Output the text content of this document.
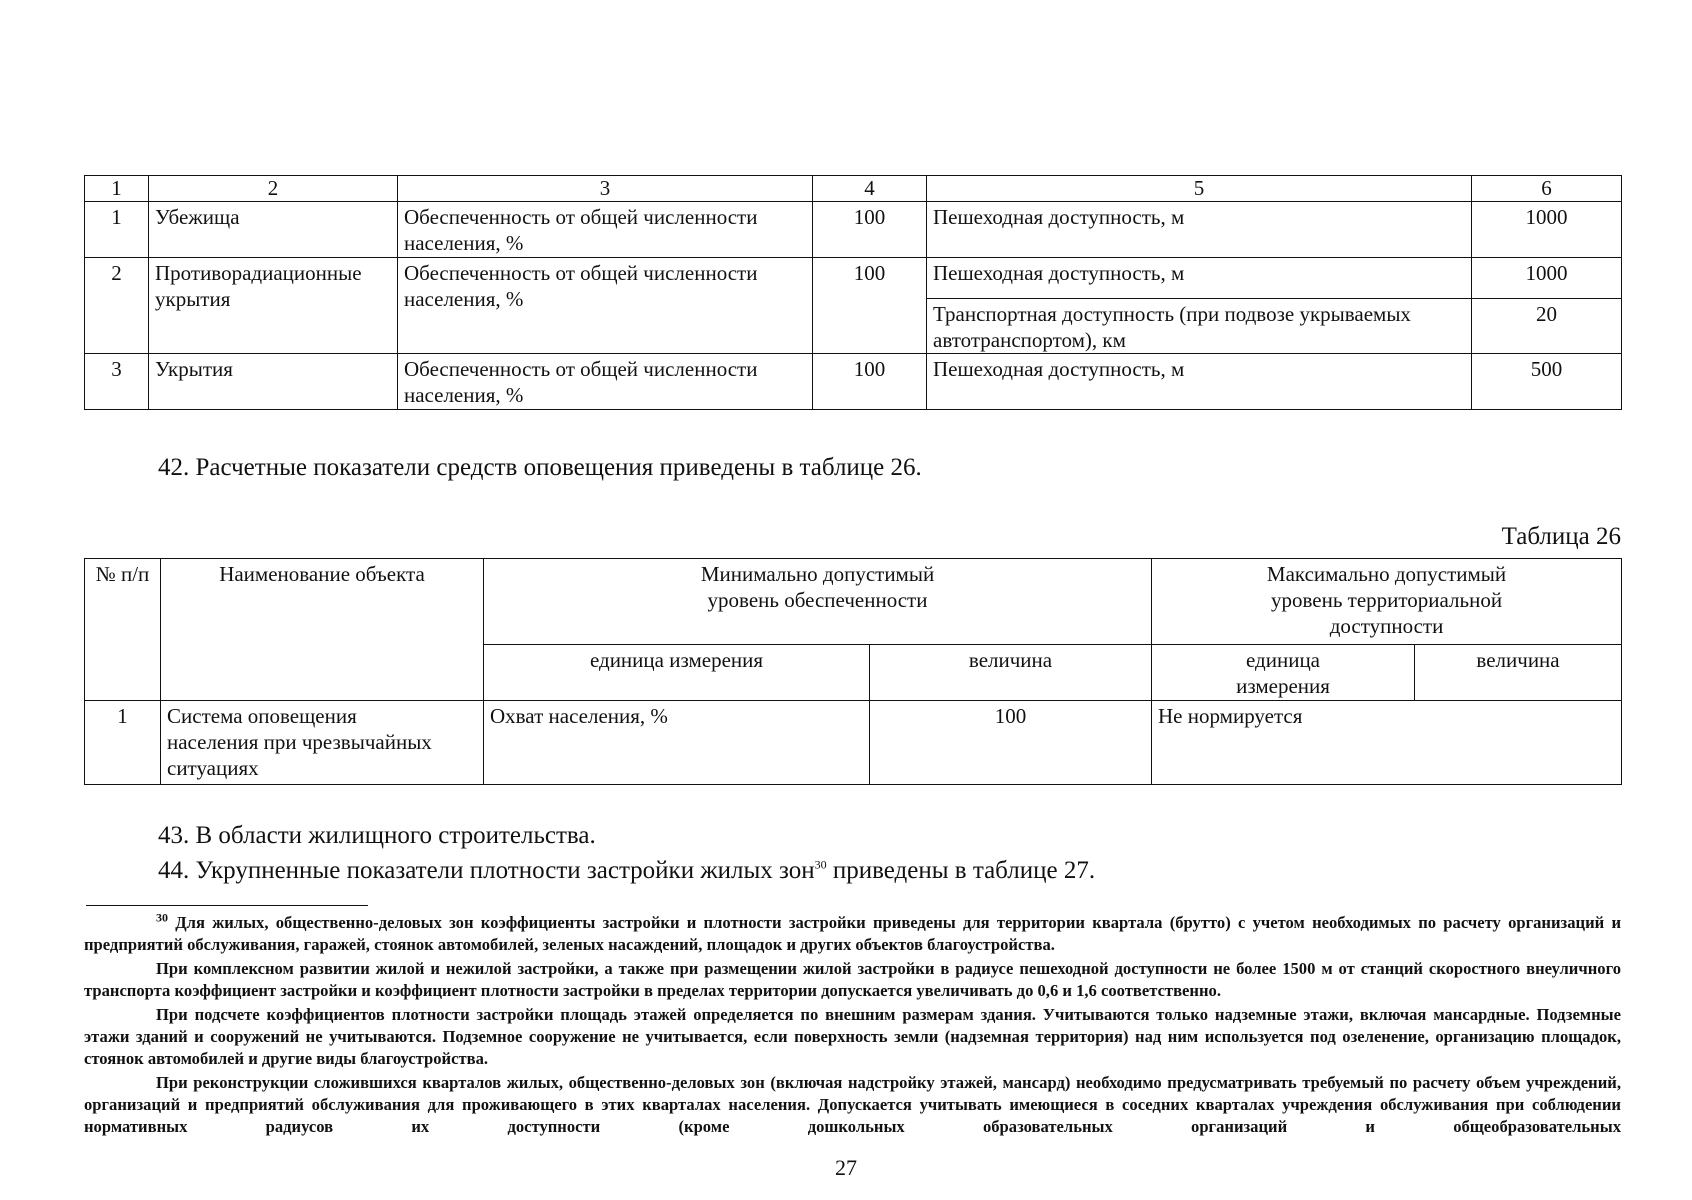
1	2	3	4	5	6
1	Убежища	Обеспеченность от общей численности населения, %	100	Пешеходная доступность, м	1000
2	Противорадиационные укрытия	Обеспеченность от общей численности населения, %	100	Пешеходная доступность, м	1000
				Транспортная доступность (при подвозе укрываемых автотранспортом), км	20
3	Укрытия	Обеспеченность от общей численности населения, %	100	Пешеходная доступность, м	500
42. Расчетные показатели средств оповещения приведены в таблице 26.
Таблица 26
№ п/п	Наименование объекта	Минимально допустимый уровень обеспеченности		Максимально допустимый уровень территориальной доступности	
		единица измерения	величина	единица измерения	величина
1	Система оповещения населения при чрезвычайных ситуациях	Охват населения, %	100	Не нормируется	
43. В области жилищного строительства.
44. Укрупненные показатели плотности застройки жилых зон$^{30}$ приведены в таблице 27.

$^{30}$ Для жилых, общественно-деловых зон коэффициенты застройки и плотности застройки приведены для территории квартала (брутто) с учетом необходимых по расчету организаций и предприятий обслуживания, гаражей, стоянок автомобилей, зеленых насаждений, площадок и других объектов благоустройства.

При комплексном развитии жилой и нежилой застройки, а также при размещении жилой застройки в радиусе пешеходной доступности не более 1500 м от станций скоростного внеуличного транспорта коэффициент застройки и коэффициент плотности застройки в пределах территории допускается увеличивать до 0,6 и 1,6 соответственно.

При подсчете коэффициентов плотности застройки площадь этажей определяется по внешним размерам здания. Учитываются только надземные этажи, включая мансардные. Подземные этажи зданий и сооружений не учитываются. Подземное сооружение не учитывается, если поверхность земли (надземная территория) над ним используется под озеленение, организацию площадок, стоянок автомобилей и другие виды благоустройства.

При реконструкции сложившихся кварталов жилых, общественно-деловых зон (включая надстройку этажей, мансард) необходимо предусматривать требуемый по расчету объем учреждений, организаций и предприятий обслуживания для проживающего в этих кварталах населения. Допускается учитывать имеющиеся в соседних кварталах учреждения обслуживания при соблюдении нормативных радиусов их доступности (кроме дошкольных образовательных организаций и общеобразовательных

27
